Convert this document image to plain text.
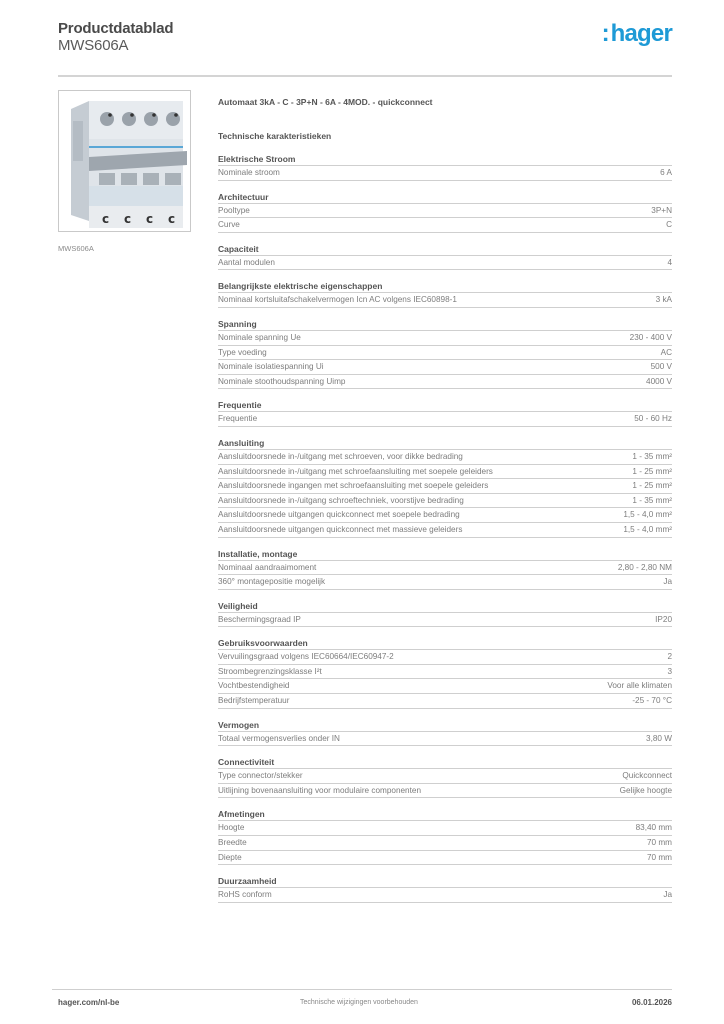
Productdatablad
MWS606A	:hager
c c c c
MWS606A
Automaat 3kA - C - 3P+N - 6A - 4MOD. - quickconnect
Technische karakteristieken
Elektrische Stroom
Nominale stroom	6 A
Architectuur
Pooltype	3P+N
Curve	C
Capaciteit
Aantal modulen	4
Belangrijkste elektrische eigenschappen
Nominaal kortsluitafschakelvermogen Icn AC volgens IEC60898-1	3 kA
Spanning
Nominale spanning Ue	230 - 400 V
Type voeding	AC
Nominale isolatiespanning Ui	500 V
Nominale stoothoudspanning Uimp	4000 V
Frequentie
Frequentie	50 - 60 Hz
Aansluiting
Aansluitdoorsnede in-/uitgang met schroeven, voor dikke bedrading	1 - 35 mm²
Aansluitdoorsnede in-/uitgang met schroefaansluiting met soepele geleiders	1 - 25 mm²
Aansluitdoorsnede ingangen met schroefaansluiting met soepele geleiders	1 - 25 mm²
Aansluitdoorsnede in-/uitgang schroeftechniek, voorstijve bedrading	1 - 35 mm²
Aansluitdoorsnede uitgangen quickconnect met soepele bedrading	1,5 - 4,0 mm²
Aansluitdoorsnede uitgangen quickconnect met massieve geleiders	1,5 - 4,0 mm²
Installatie, montage
Nominaal aandraaimoment	2,80 - 2,80 NM
360° montagepositie mogelijk	Ja
Veiligheid
Beschermingsgraad IP	IP20
Gebruiksvoorwaarden
Vervuilingsgraad volgens IEC60664/IEC60947-2	2
Stroombegrenzingsklasse I²t	3
Vochtbestendigheid	Voor alle klimaten
Bedrijfstemperatuur	-25 - 70 °C
Vermogen
Totaal vermogensverlies onder IN	3,80 W
Connectiviteit
Type connector/stekker	Quickconnect
Uitlijning bovenaansluiting voor modulaire componenten	Gelijke hoogte
Afmetingen
Hoogte	83,40 mm
Breedte	70 mm
Diepte	70 mm
Duurzaamheid
RoHS conform	Ja
hager.com/nl-be	Technische wijzigingen voorbehouden	06.01.2026
